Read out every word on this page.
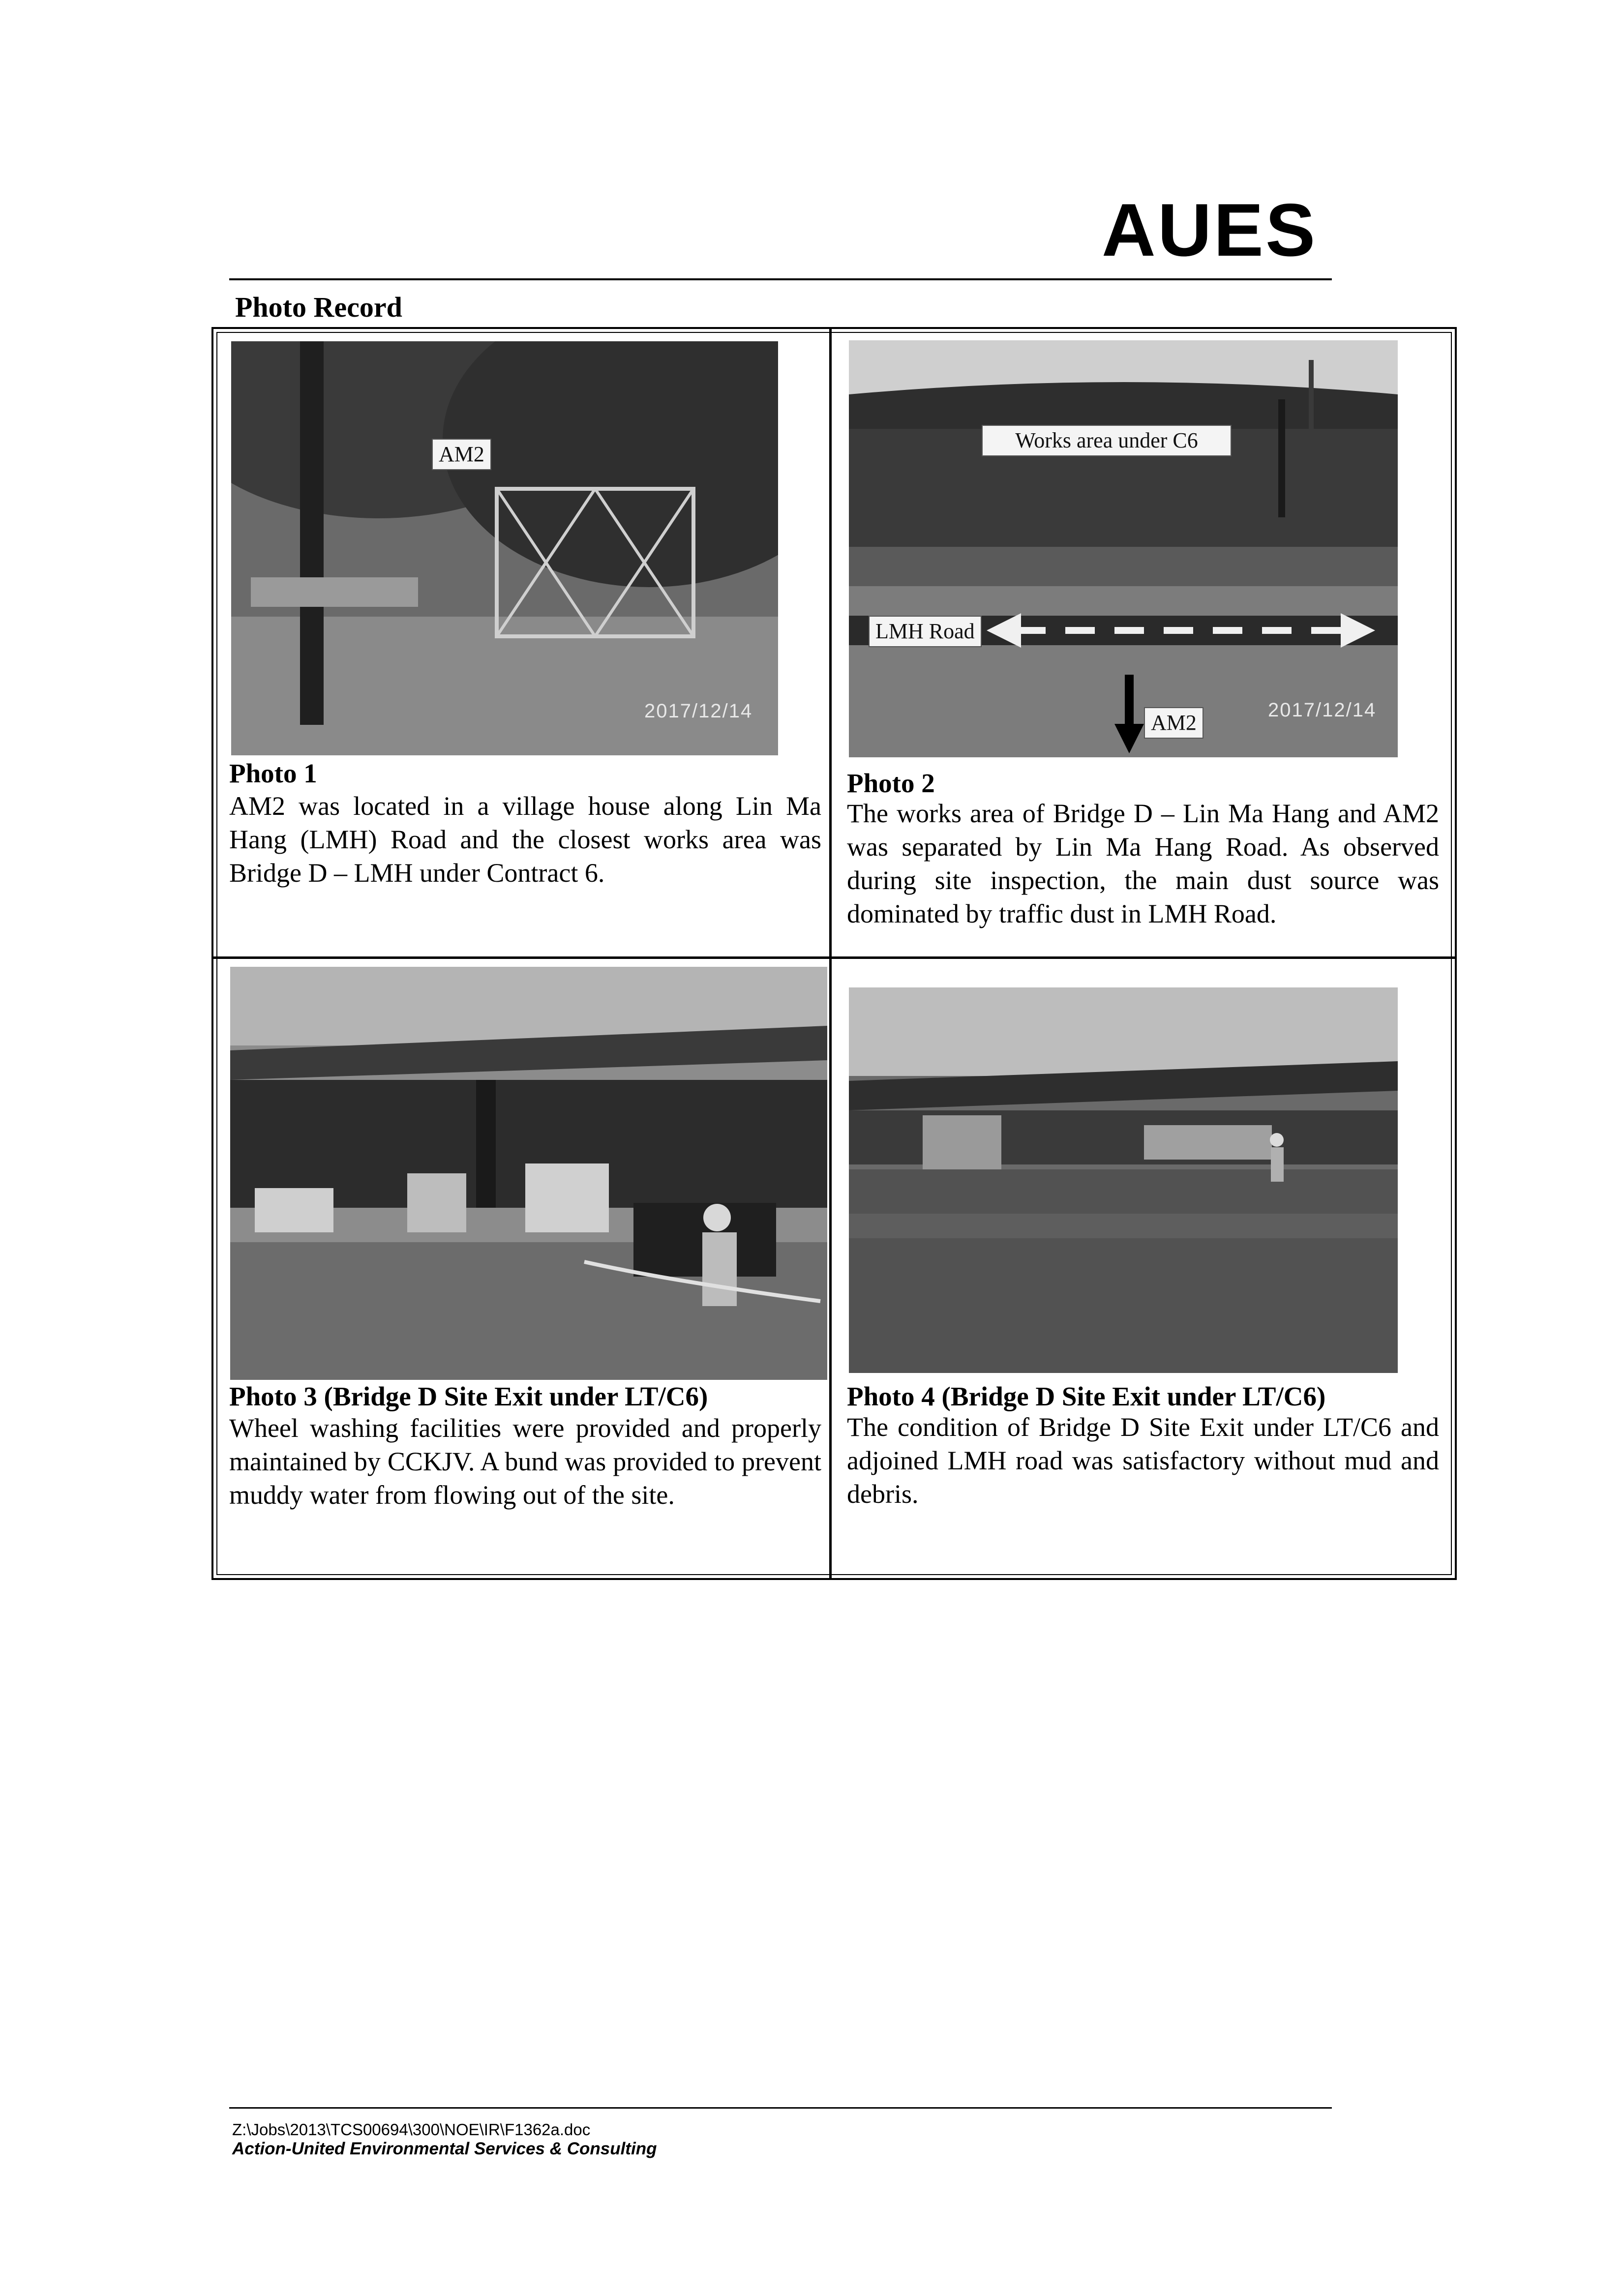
AUES
Photo Record
AM2
2017/12/14
Photo 1
AM2 was located in a village house along Lin Ma Hang (LMH) Road and the closest works area was Bridge D – LMH under Contract 6.
Works area under C6
LMH Road
AM2
2017/12/14
Photo 2
The works area of Bridge D – Lin Ma Hang and AM2 was separated by Lin Ma Hang Road. As observed during site inspection, the main dust source was dominated by traffic dust in LMH Road.
Photo 3 (Bridge D Site Exit under LT/C6)
Wheel washing facilities were provided and properly maintained by CCKJV. A bund was provided to prevent muddy water from flowing out of the site.
Photo 4 (Bridge D Site Exit under LT/C6)
The condition of Bridge D Site Exit under LT/C6 and adjoined LMH road was satisfactory without mud and debris.
Z:\Jobs\2013\TCS00694\300\NOE\IR\F1362a.doc
Action-United Environmental Services & Consulting
